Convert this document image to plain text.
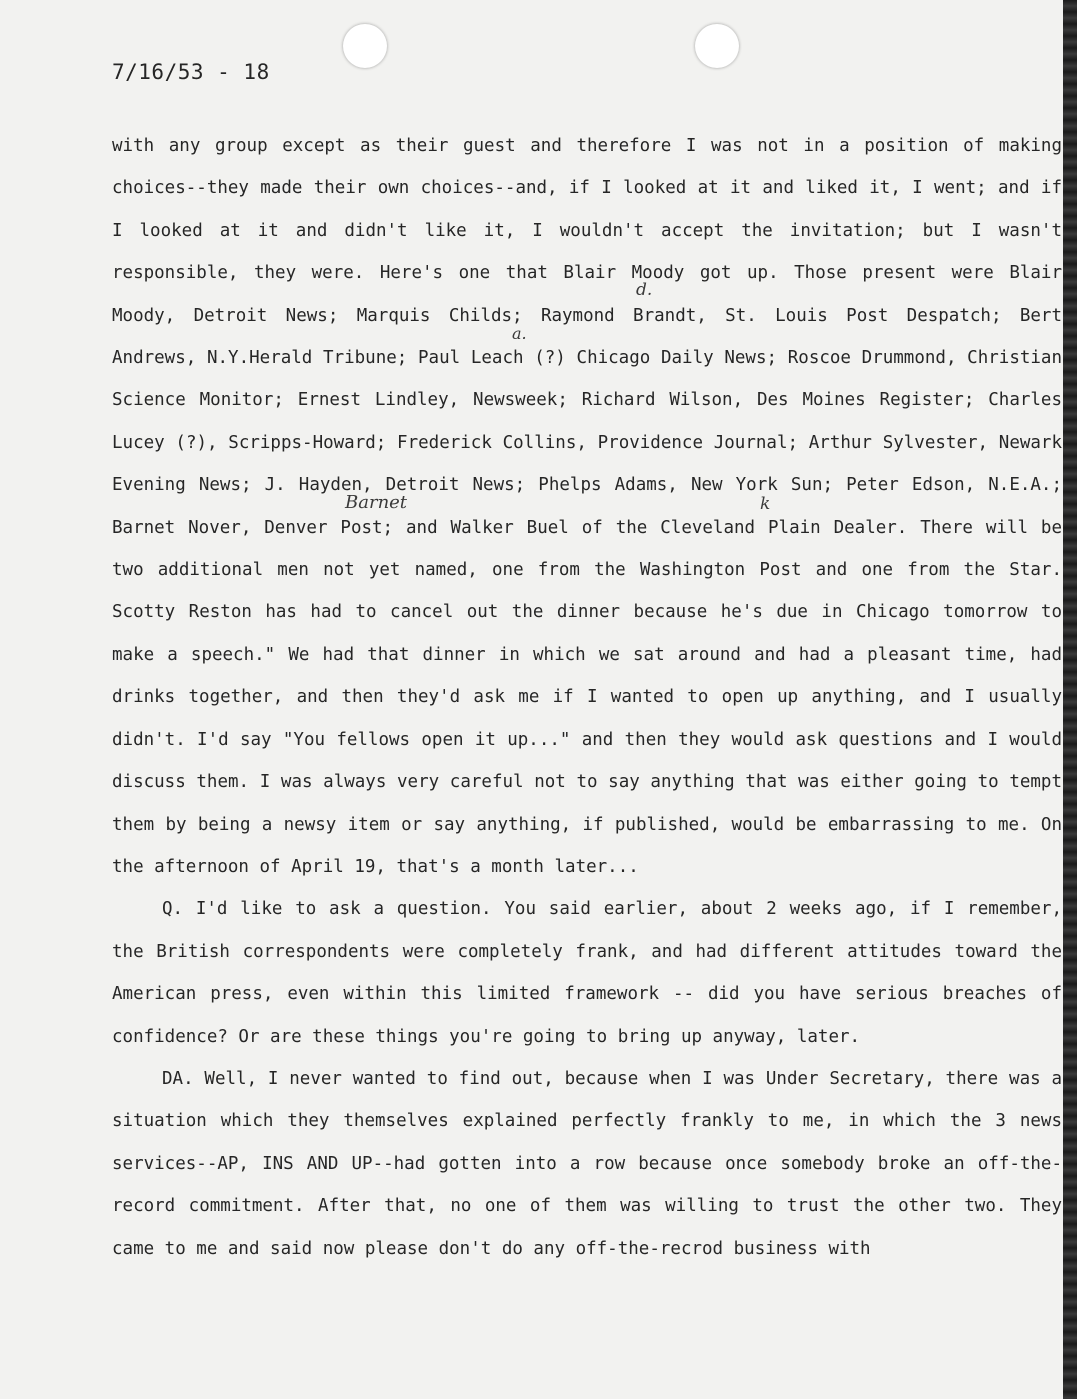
7/16/53 - 18
d.
a.
Barnet	k

with any group except as their guest and therefore I was not in a position of making choices--they made their own choices--and, if I looked at it and liked it, I went; and if I looked at it and didn't like it, I wouldn't accept the invitation; but I wasn't responsible, they were. Here's one that Blair Moody got up. Those present were Blair Moody, Detroit News; Marquis Childs; Raymond Brandt, St. Louis Post Despatch; Bert Andrews, N.Y.Herald Tribune; Paul Leach (?) Chicago Daily News; Roscoe Drummond, Christian Science Monitor; Ernest Lindley, Newsweek; Richard Wilson, Des Moines Register; Charles Lucey (?), Scripps-Howard; Frederick Collins, Providence Journal; Arthur Sylvester, Newark Evening News; J. Hayden, Detroit News; Phelps Adams, New York Sun; Peter Edson, N.E.A.; Barnet Nover, Denver Post; and Walker Buel of the Cleveland Plain Dealer. There will be two additional men not yet named, one from the Washington Post and one from the Star. Scotty Reston has had to cancel out the dinner because he's due in Chicago tomorrow to make a speech." We had that dinner in which we sat around and had a pleasant time, had drinks together, and then they'd ask me if I wanted to open up anything, and I usually didn't. I'd say "You fellows open it up..." and then they would ask questions and I would discuss them. I was always very careful not to say anything that was either going to tempt them by being a newsy item or say anything, if published, would be embarrassing to me. On the afternoon of April 19, that's a month later...

Q. I'd like to ask a question. You said earlier, about 2 weeks ago, if I remember, the British correspondents were completely frank, and had different attitudes toward the American press, even within this limited framework -- did you have serious breaches of confidence? Or are these things you're going to bring up anyway, later.

DA. Well, I never wanted to find out, because when I was Under Secretary, there was a situation which they themselves explained perfectly frankly to me, in which the 3 news services--AP, INS AND UP--had gotten into a row because once somebody broke an off-the-record commitment. After that, no one of them was willing to trust the other two. They came to me and said now please don't do any off-the-recrod business with
